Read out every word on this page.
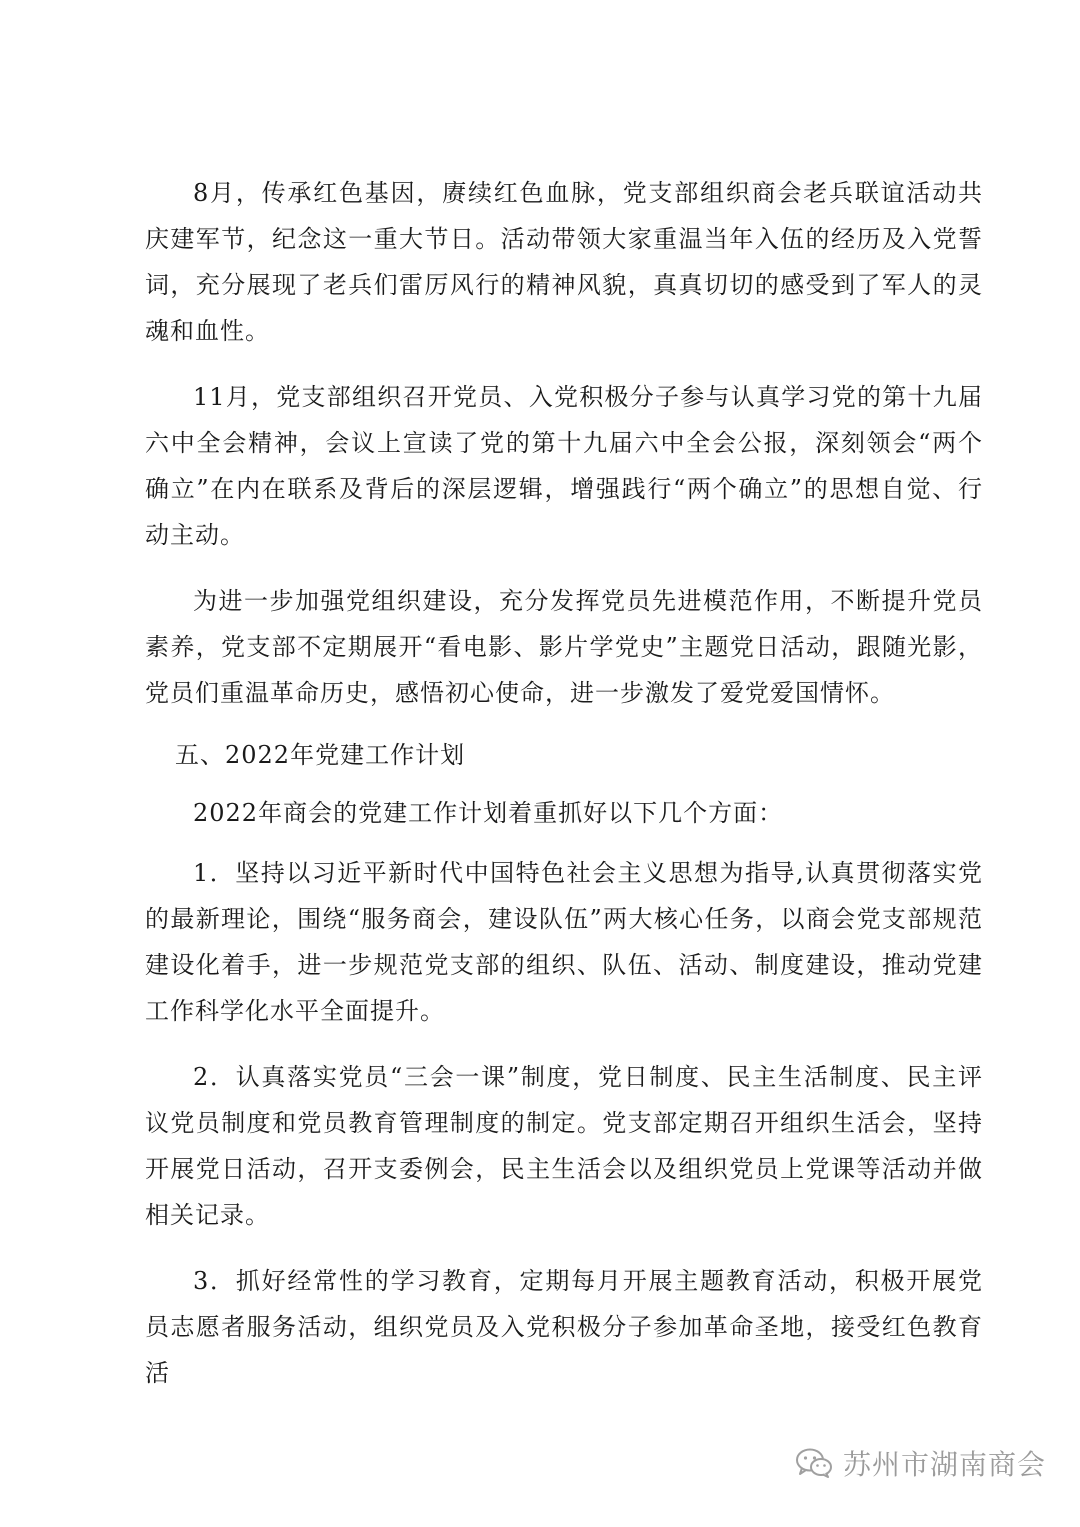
8月，传承红色基因，赓续红色血脉，党支部组织商会老兵联谊活动共庆建军节，纪念这一重大节日。活动带领大家重温当年入伍的经历及入党誓词，充分展现了老兵们雷厉风行的精神风貌，真真切切的感受到了军人的灵魂和血性。

11月，党支部组织召开党员、入党积极分子参与认真学习党的第十九届六中全会精神，会议上宣读了党的第十九届六中全会公报，深刻领会“两个确立”在内在联系及背后的深层逻辑，增强践行“两个确立”的思想自觉、行动主动。

为进一步加强党组织建设，充分发挥党员先进模范作用，不断提升党员素养，党支部不定期展开“看电影、影片学党史”主题党日活动，跟随光影，党员们重温革命历史，感悟初心使命，进一步激发了爱党爱国情怀。

五、2022年党建工作计划

2022年商会的党建工作计划着重抓好以下几个方面：

1．坚持以习近平新时代中国特色社会主义思想为指导,认真贯彻落实党的最新理论，围绕“服务商会，建设队伍”两大核心任务，以商会党支部规范建设化着手，进一步规范党支部的组织、队伍、活动、制度建设，推动党建工作科学化水平全面提升。

2．认真落实党员“三会一课”制度，党日制度、民主生活制度、民主评议党员制度和党员教育管理制度的制定。党支部定期召开组织生活会，坚持开展党日活动，召开支委例会，民主生活会以及组织党员上党课等活动并做相关记录。

3．抓好经常性的学习教育，定期每月开展主题教育活动，积极开展党员志愿者服务活动，组织党员及入党积极分子参加革命圣地，接受红色教育活

苏州市湖南商会
